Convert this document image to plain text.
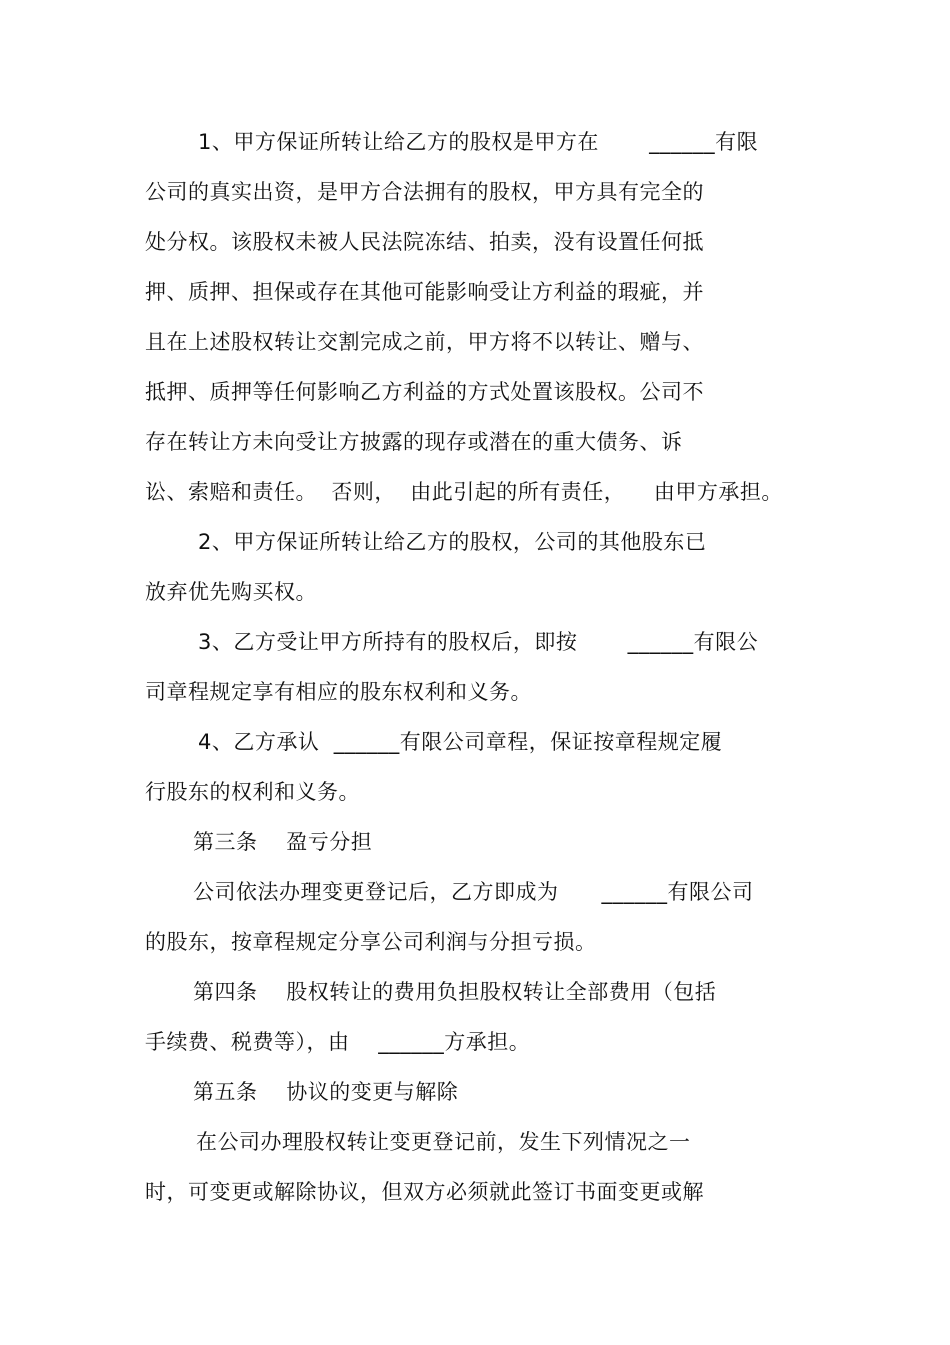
1、甲方保证所转让给乙方的股权是甲方在       ______有限
公司的真实出资，是甲方合法拥有的股权，甲方具有完全的
处分权。该股权未被人民法院冻结、拍卖，没有设置任何抵
押、质押、担保或存在其他可能影响受让方利益的瑕疵，并
且在上述股权转让交割完成之前，甲方将不以转让、赠与、
抵押、质押等任何影响乙方利益的方式处置该股权。公司不
存在转让方未向受让方披露的现存或潜在的重大债务、诉
讼、索赔和责任。  否则，  由此引起的所有责任，    由甲方承担。
2、甲方保证所转让给乙方的股权，公司的其他股东已
放弃优先购买权。
3、乙方受让甲方所持有的股权后，即按       ______有限公
司章程规定享有相应的股东权利和义务。
4、乙方承认  ______有限公司章程，保证按章程规定履
行股东的权利和义务。
第三条    盈亏分担
公司依法办理变更登记后，乙方即成为      ______有限公司
的股东，按章程规定分享公司利润与分担亏损。
第四条    股权转让的费用负担股权转让全部费用（包括
手续费、税费等），由    ______方承担。
第五条    协议的变更与解除
在公司办理股权转让变更登记前，发生下列情况之一
时，可变更或解除协议，但双方必须就此签订书面变更或解
